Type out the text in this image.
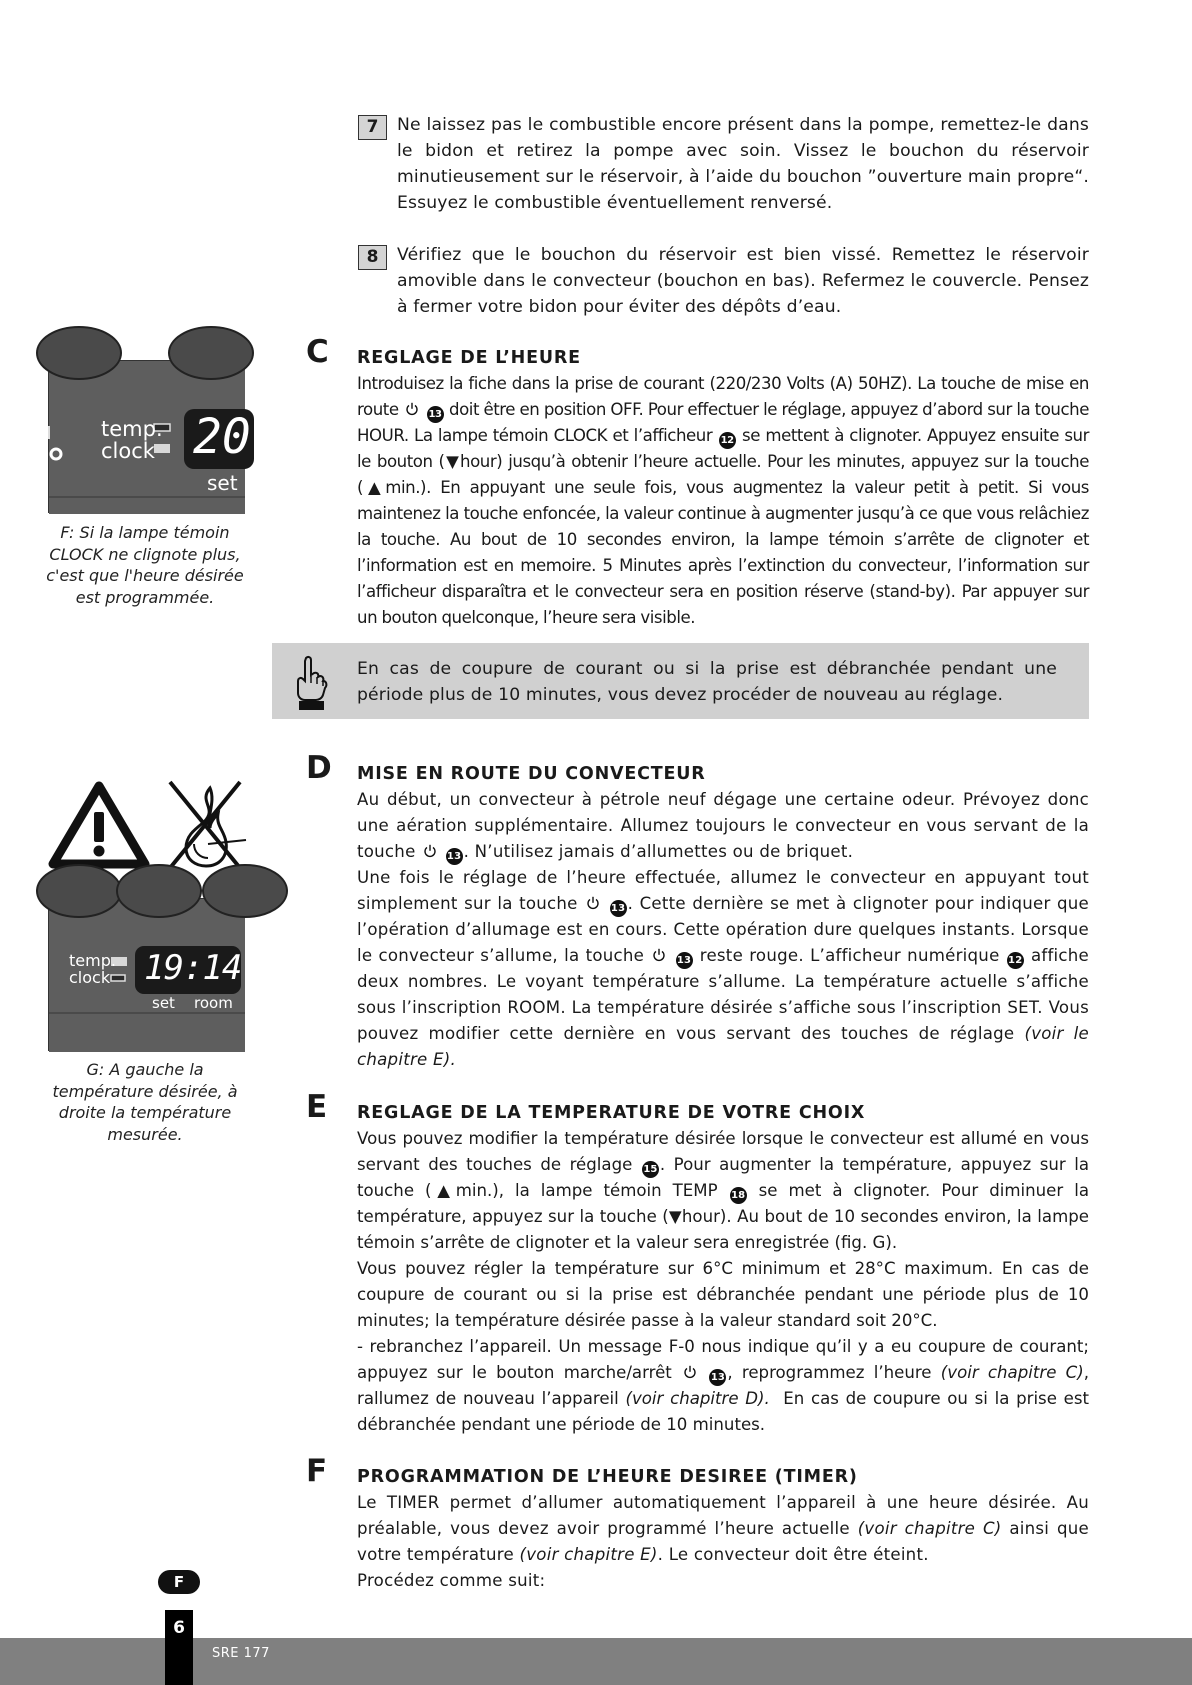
7	Ne laissez pas le combustible encore présent dans la pompe, remettez-le dans le bidon et retirez la pompe avec soin. Vissez le bouchon du réservoir minutieusement sur le réservoir, à l’aide du bouchon ”ouverture main propre“. Essuyez le combustible éventuellement renversé.
8	Vérifiez que le bouchon du réservoir est bien vissé. Remettez le réservoir amovible dans le convecteur (bouchon en bas). Refermez le couvercle. Pensez à fermer votre bidon pour éviter des dépôts d’eau.
C REGLAGE DE L’HEURE

Introduisez la fiche dans la prise de courant (220/230 Volts (A) 50HZ). La touche de mise en route	13 doit être en position OFF. Pour effectuer le réglage, appuyez d’abord sur la touche HOUR. La lampe témoin CLOCK et l’afficheur 12 se mettent à clignoter. Appuyez ensuite sur le bouton (▼hour) jusqu’à obtenir l’heure actuelle. Pour les minutes, appuyez sur la touche (▲min.). En appuyant une seule fois, vous augmentez la valeur petit à petit. Si vous maintenez la touche enfoncée, la valeur continue à augmenter jusqu’à ce que vous relâchiez la touche. Au bout de 10 secondes environ, la lampe témoin s’arrête de clignoter et l’information est en memoire. 5 Minutes après l’extinction du convecteur, l’information sur l’afficheur disparaîtra et le convecteur sera en position réserve (stand-by). Par appuyer sur un bouton quelconque, l’heure sera visible.

En cas de coupure de courant ou si la prise est débranchée pendant une période plus de 10 minutes, vous devez procéder de nouveau au réglage.
D MISE EN ROUTE DU CONVECTEUR

Au début, un convecteur à pétrole neuf dégage une certaine odeur. Prévoyez donc une aération supplémentaire. Allumez toujours le convecteur en vous servant de la touche	13 . N’utilisez jamais d’allumettes ou de briquet.

Une fois le réglage de l’heure effectuée, allumez le convecteur en appuyant tout simplement sur la touche	13 . Cette dernière se met à clignoter pour indiquer que l’opération d’allumage est en cours. Cette opération dure quelques instants. Lorsque le convecteur s’allume, la touche	13 reste rouge. L’afficheur numérique 12 affiche deux nombres. Le voyant température s’allume. La température actuelle s’affiche sous l’inscription ROOM. La température désirée s’affiche sous l’inscription SET. Vous pouvez modifier cette dernière en vous servant des touches de réglage (voir le chapitre E).

E REGLAGE DE LA TEMPERATURE DE VOTRE CHOIX

Vous pouvez modifier la température désirée lorsque le convecteur est allumé en vous servant des touches de réglage 15 . Pour augmenter la température, appuyez sur la touche (▲min.), la lampe témoin TEMP 18 se met à clignoter. Pour diminuer la température, appuyez sur la touche (▼hour). Au bout de 10 secondes environ, la lampe témoin s’arrête de clignoter et la valeur sera enregistrée (fig. G).

Vous pouvez régler la température sur 6°C minimum et 28°C maximum. En cas de coupure de courant ou si la prise est débranchée pendant une période plus de 10 minutes; la température désirée passe à la valeur standard soit 20°C.

- rebranchez l’appareil. Un message F-0 nous indique qu’il y a eu coupure de courant; appuyez sur le bouton marche/arrêt	13 , reprogrammez l’heure (voir chapitre C), rallumez de nouveau l’appareil (voir chapitre D). En cas de coupure ou si la prise est débranchée pendant une période de 10 minutes.

F PROGRAMMATION DE L’HEURE DESIREE (TIMER)

Le TIMER permet d’allumer automatiquement l’appareil à une heure désirée. Au préalable, vous devez avoir programmé l’heure actuelle (voir chapitre C) ainsi que votre température (voir chapitre E). Le convecteur doit être éteint.

Procédez comme suit:

temp.
clock 20
set
F: Si la lampe témoin CLOCK ne clignote plus, c'est que l'heure désirée est programmée.
temp.
clock 19:14
set room
G: A gauche la température désirée, à droite la température mesurée.
F
6
SRE 177
